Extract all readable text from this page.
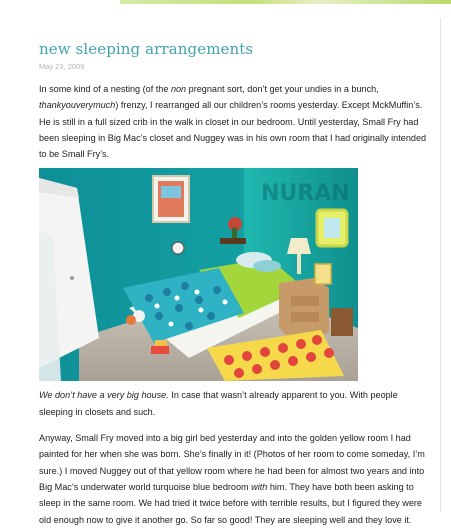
new sleeping arrangements
May 23, 2009

In some kind of a nesting (of the non pregnant sort, don’t get your undies in a bunch, thankyouverymuch) frenzy, I rearranged all our children’s rooms yesterday. Except MckMuffin’s. He is still in a full sized crib in the walk in closet in our bedroom. Until yesterday, Small Fry had been sleeping in Big Mac’s closet and Nuggey was in his own room that I had originally intended to be Small Fry’s.

NURAN

We don’t have a very big house. In case that wasn’t already apparent to you. With people sleeping in closets and such.

Anyway, Small Fry moved into a big girl bed yesterday and into the golden yellow room I had painted for her when she was born. She’s finally in it! (Photos of her room to come someday, I’m sure.) I moved Nuggey out of that yellow room where he had been for almost two years and into Big Mac’s underwater world turquoise blue bedroom with him. They have both been asking to sleep in the same room. We had tried it twice before with terrible results, but I figured they were old enough now to give it another go. So far so good! They are sleeping well and they love it.
